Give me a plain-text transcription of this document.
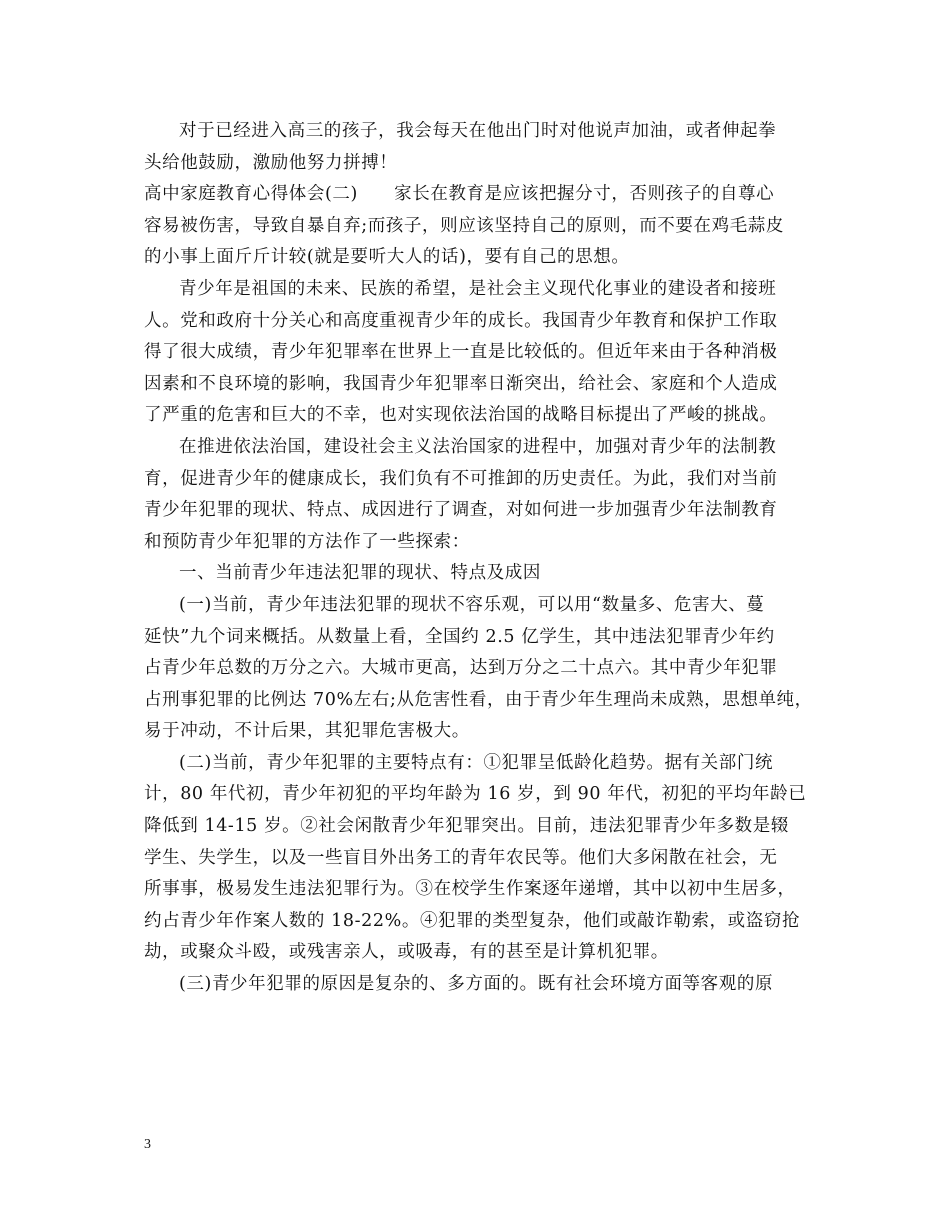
对于已经进入高三的孩子，我会每天在他出门时对他说声加油，或者伸起拳
头给他鼓励，激励他努力拼搏！
高中家庭教育心得体会(二)　　家长在教育是应该把握分寸，否则孩子的自尊心
容易被伤害，导致自暴自弃;而孩子，则应该坚持自己的原则，而不要在鸡毛蒜皮
的小事上面斤斤计较(就是要听大人的话)，要有自己的思想。
青少年是祖国的未来、民族的希望，是社会主义现代化事业的建设者和接班
人。党和政府十分关心和高度重视青少年的成长。我国青少年教育和保护工作取
得了很大成绩，青少年犯罪率在世界上一直是比较低的。但近年来由于各种消极
因素和不良环境的影响，我国青少年犯罪率日渐突出，给社会、家庭和个人造成
了严重的危害和巨大的不幸，也对实现依法治国的战略目标提出了严峻的挑战。
在推进依法治国，建设社会主义法治国家的进程中，加强对青少年的法制教
育，促进青少年的健康成长，我们负有不可推卸的历史责任。为此，我们对当前
青少年犯罪的现状、特点、成因进行了调查，对如何进一步加强青少年法制教育
和预防青少年犯罪的方法作了一些探索：
一、当前青少年违法犯罪的现状、特点及成因
(一)当前，青少年违法犯罪的现状不容乐观，可以用“数量多、危害大、蔓
延快”九个词来概括。从数量上看，全国约 2.5 亿学生，其中违法犯罪青少年约
占青少年总数的万分之六。大城市更高，达到万分之二十点六。其中青少年犯罪
占刑事犯罪的比例达 70%左右;从危害性看，由于青少年生理尚未成熟，思想单纯，
易于冲动，不计后果，其犯罪危害极大。
(二)当前，青少年犯罪的主要特点有：①犯罪呈低龄化趋势。据有关部门统
计，80 年代初，青少年初犯的平均年龄为 16 岁，到 90 年代，初犯的平均年龄已
降低到 14-15 岁。②社会闲散青少年犯罪突出。目前，违法犯罪青少年多数是辍
学生、失学生，以及一些盲目外出务工的青年农民等。他们大多闲散在社会，无
所事事，极易发生违法犯罪行为。③在校学生作案逐年递增，其中以初中生居多，
约占青少年作案人数的 18-22%。④犯罪的类型复杂，他们或敲诈勒索，或盗窃抢
劫，或聚众斗殴，或残害亲人，或吸毒，有的甚至是计算机犯罪。
(三)青少年犯罪的原因是复杂的、多方面的。既有社会环境方面等客观的原
3
